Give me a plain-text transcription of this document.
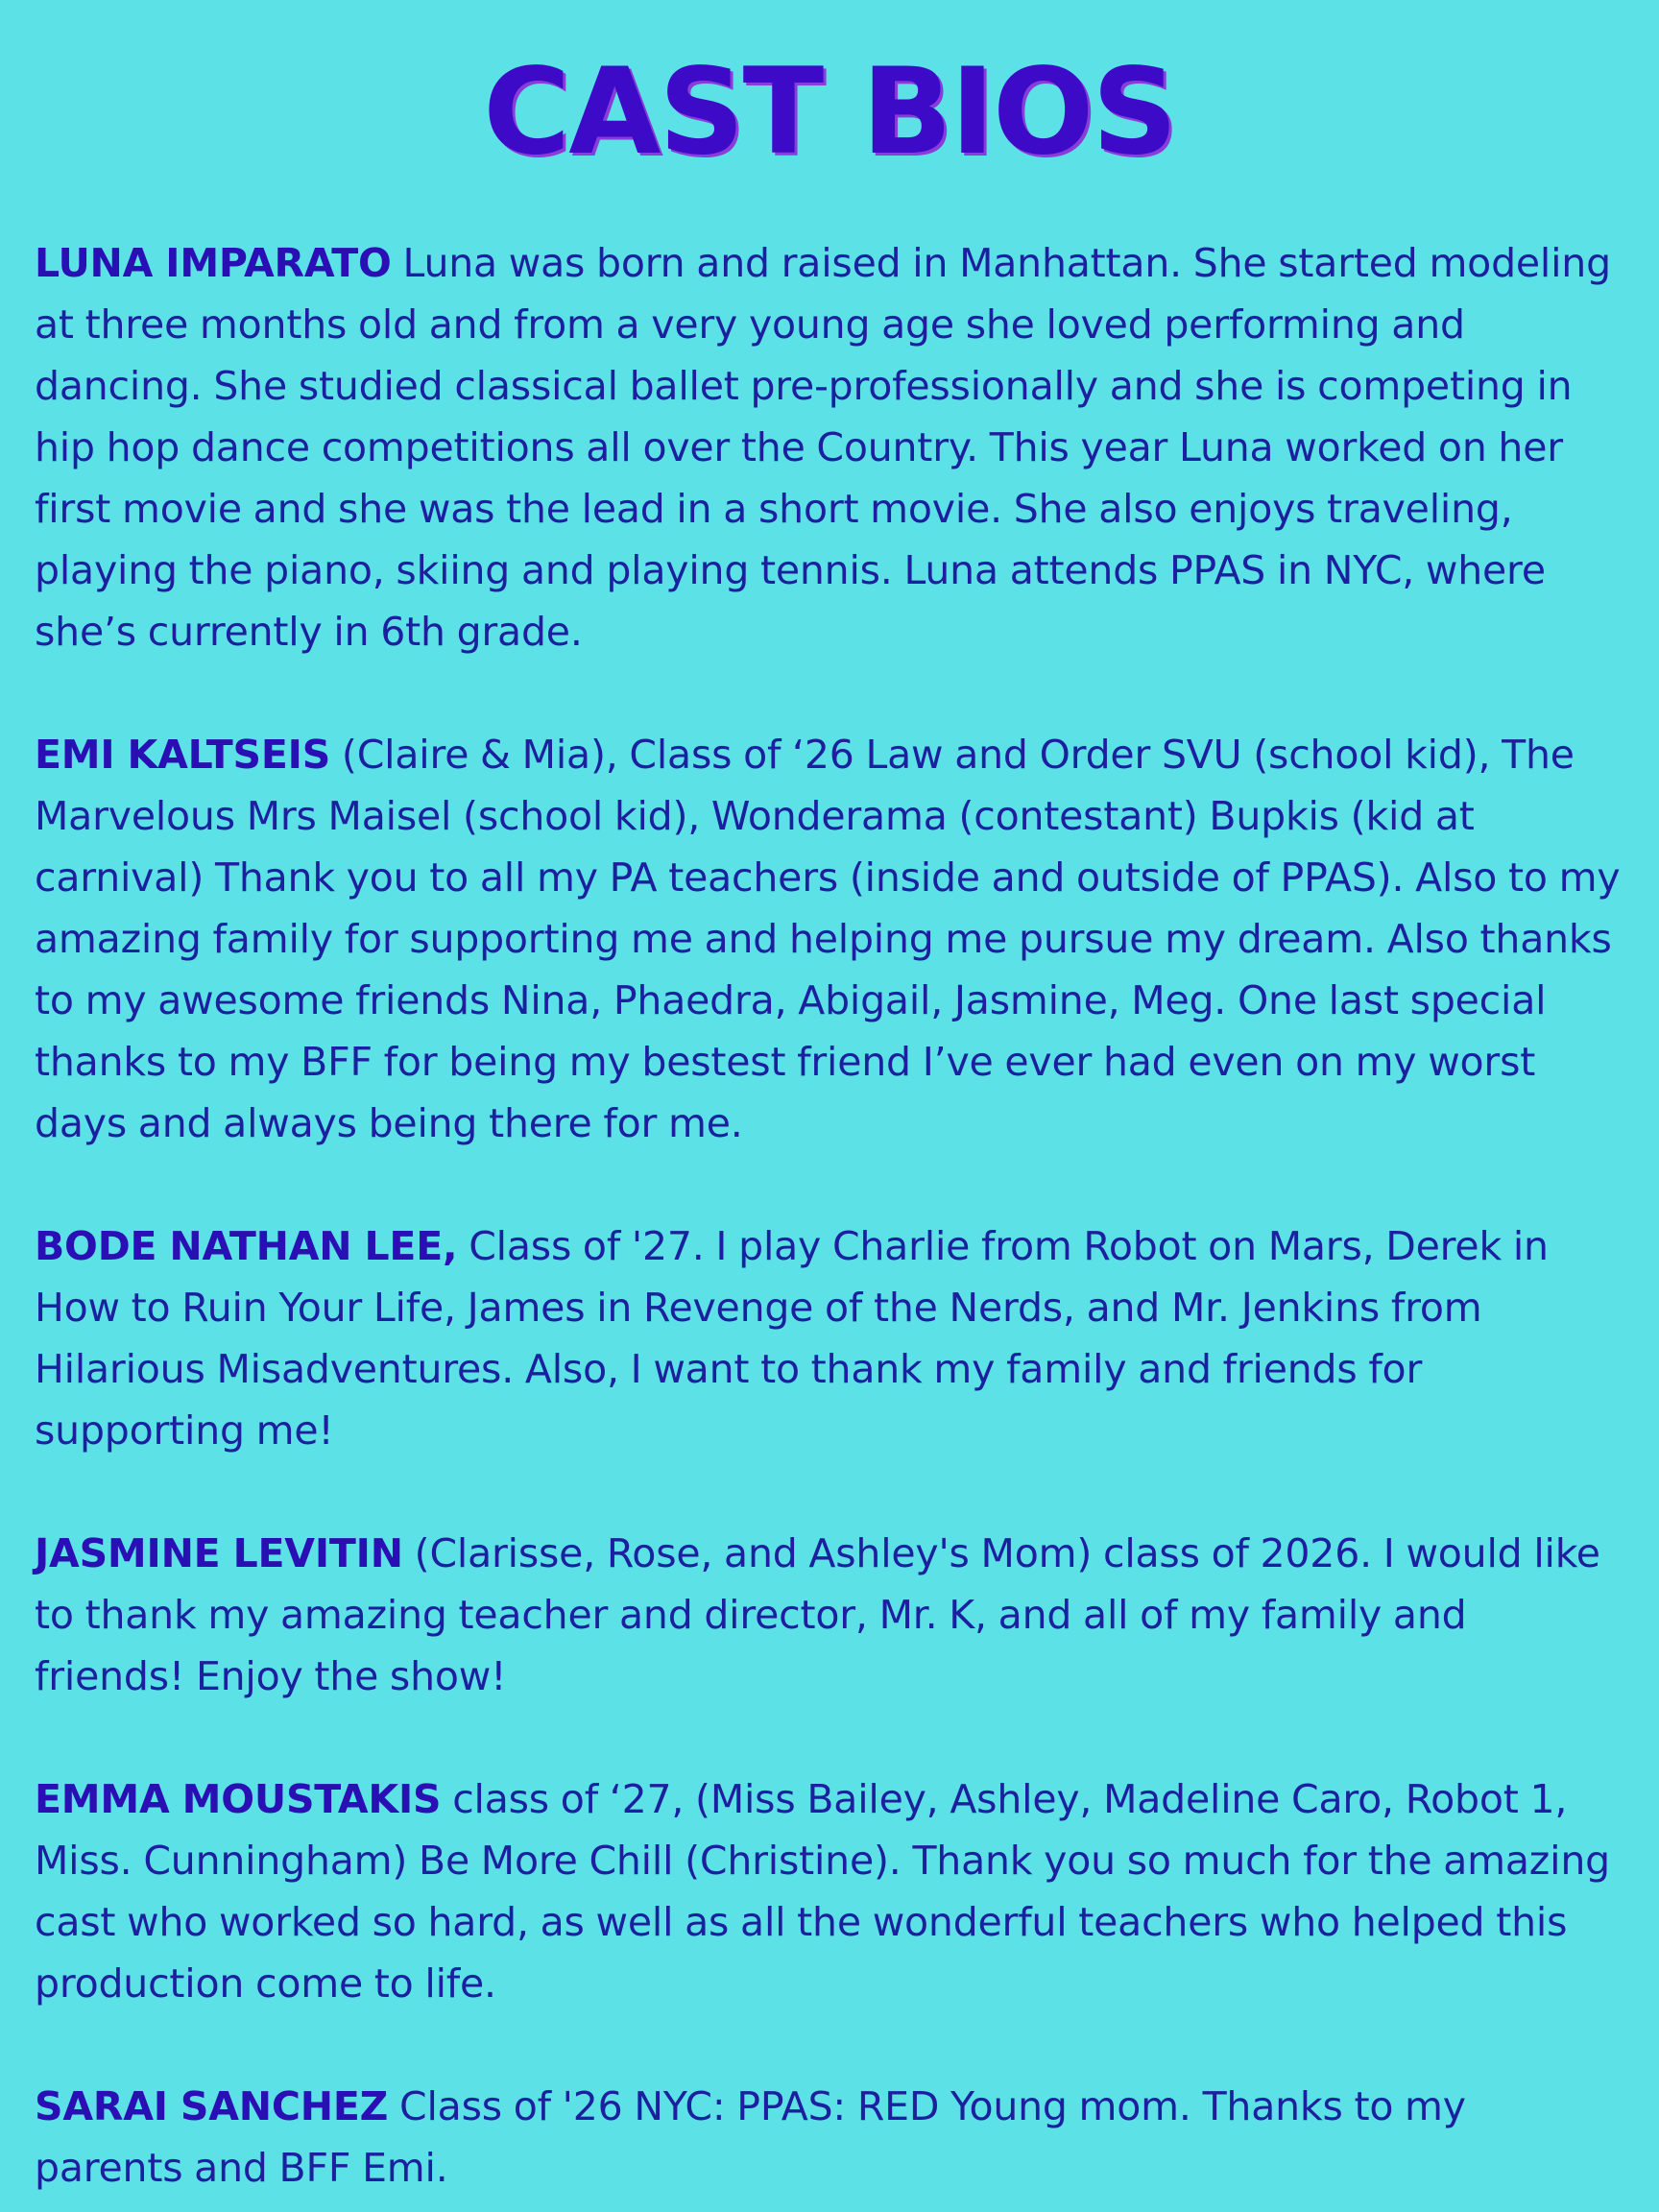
CAST BIOS

LUNA IMPARATO Luna was born and raised in Manhattan. She started modeling at three months old and from a very young age she loved performing and dancing. She studied classical ballet pre-professionally and she is competing in hip hop dance competitions all over the Country. This year Luna worked on her first movie and she was the lead in a short movie. She also enjoys traveling, playing the piano, skiing and playing tennis. Luna attends PPAS in NYC, where she’s currently in 6th grade.

EMI KALTSEIS (Claire & Mia), Class of ‘26 Law and Order SVU (school kid), The Marvelous Mrs Maisel (school kid), Wonderama (contestant) Bupkis (kid at carnival) Thank you to all my PA teachers (inside and outside of PPAS). Also to my amazing family for supporting me and helping me pursue my dream. Also thanks to my awesome friends Nina, Phaedra, Abigail, Jasmine, Meg. One last special thanks to my BFF for being my bestest friend I’ve ever had even on my worst days and always being there for me.

BODE NATHAN LEE, Class of '27. I play Charlie from Robot on Mars, Derek in How to Ruin Your Life, James in Revenge of the Nerds, and Mr. Jenkins from Hilarious Misadventures. Also, I want to thank my family and friends for supporting me!

JASMINE LEVITIN (Clarisse, Rose, and Ashley's Mom) class of 2026. I would like to thank my amazing teacher and director, Mr. K, and all of my family and friends! Enjoy the show!

EMMA MOUSTAKIS class of ‘27, (Miss Bailey, Ashley, Madeline Caro, Robot 1, Miss. Cunningham) Be More Chill (Christine). Thank you so much for the amazing cast who worked so hard, as well as all the wonderful teachers who helped this production come to life.

SARAI SANCHEZ Class of '26 NYC: PPAS: RED Young mom. Thanks to my parents and BFF Emi.
